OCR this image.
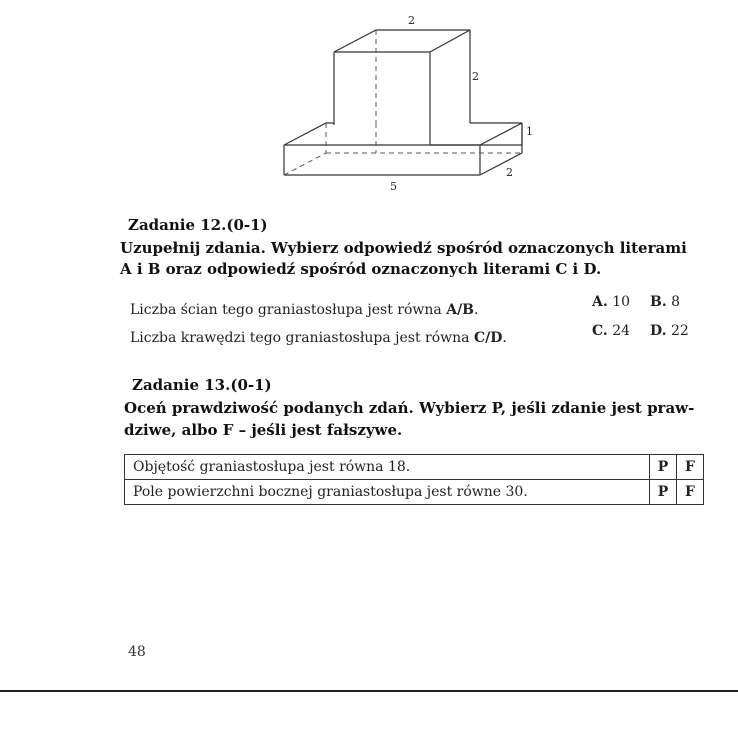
2
2
1
2
5
Zadanie 12.(0-1)
Uzupełnij zdania. Wybierz odpowiedź spośród oznaczonych literami
A i B oraz odpowiedź spośród oznaczonych literami C i D.
Liczba ścian tego graniastosłupa jest równa A/B.
Liczba krawędzi tego graniastosłupa jest równa C/D.
A. 10 B. 8
C. 24 D. 22
Zadanie 13.(0-1)
Oceń prawdziwość podanych zdań. Wybierz P, jeśli zdanie jest praw-
dziwe, albo F – jeśli jest fałszywe.
Objętość graniastosłupa jest równa 18.	P	F
Pole powierzchni bocznej graniastosłupa jest równe 30.	P	F
48
